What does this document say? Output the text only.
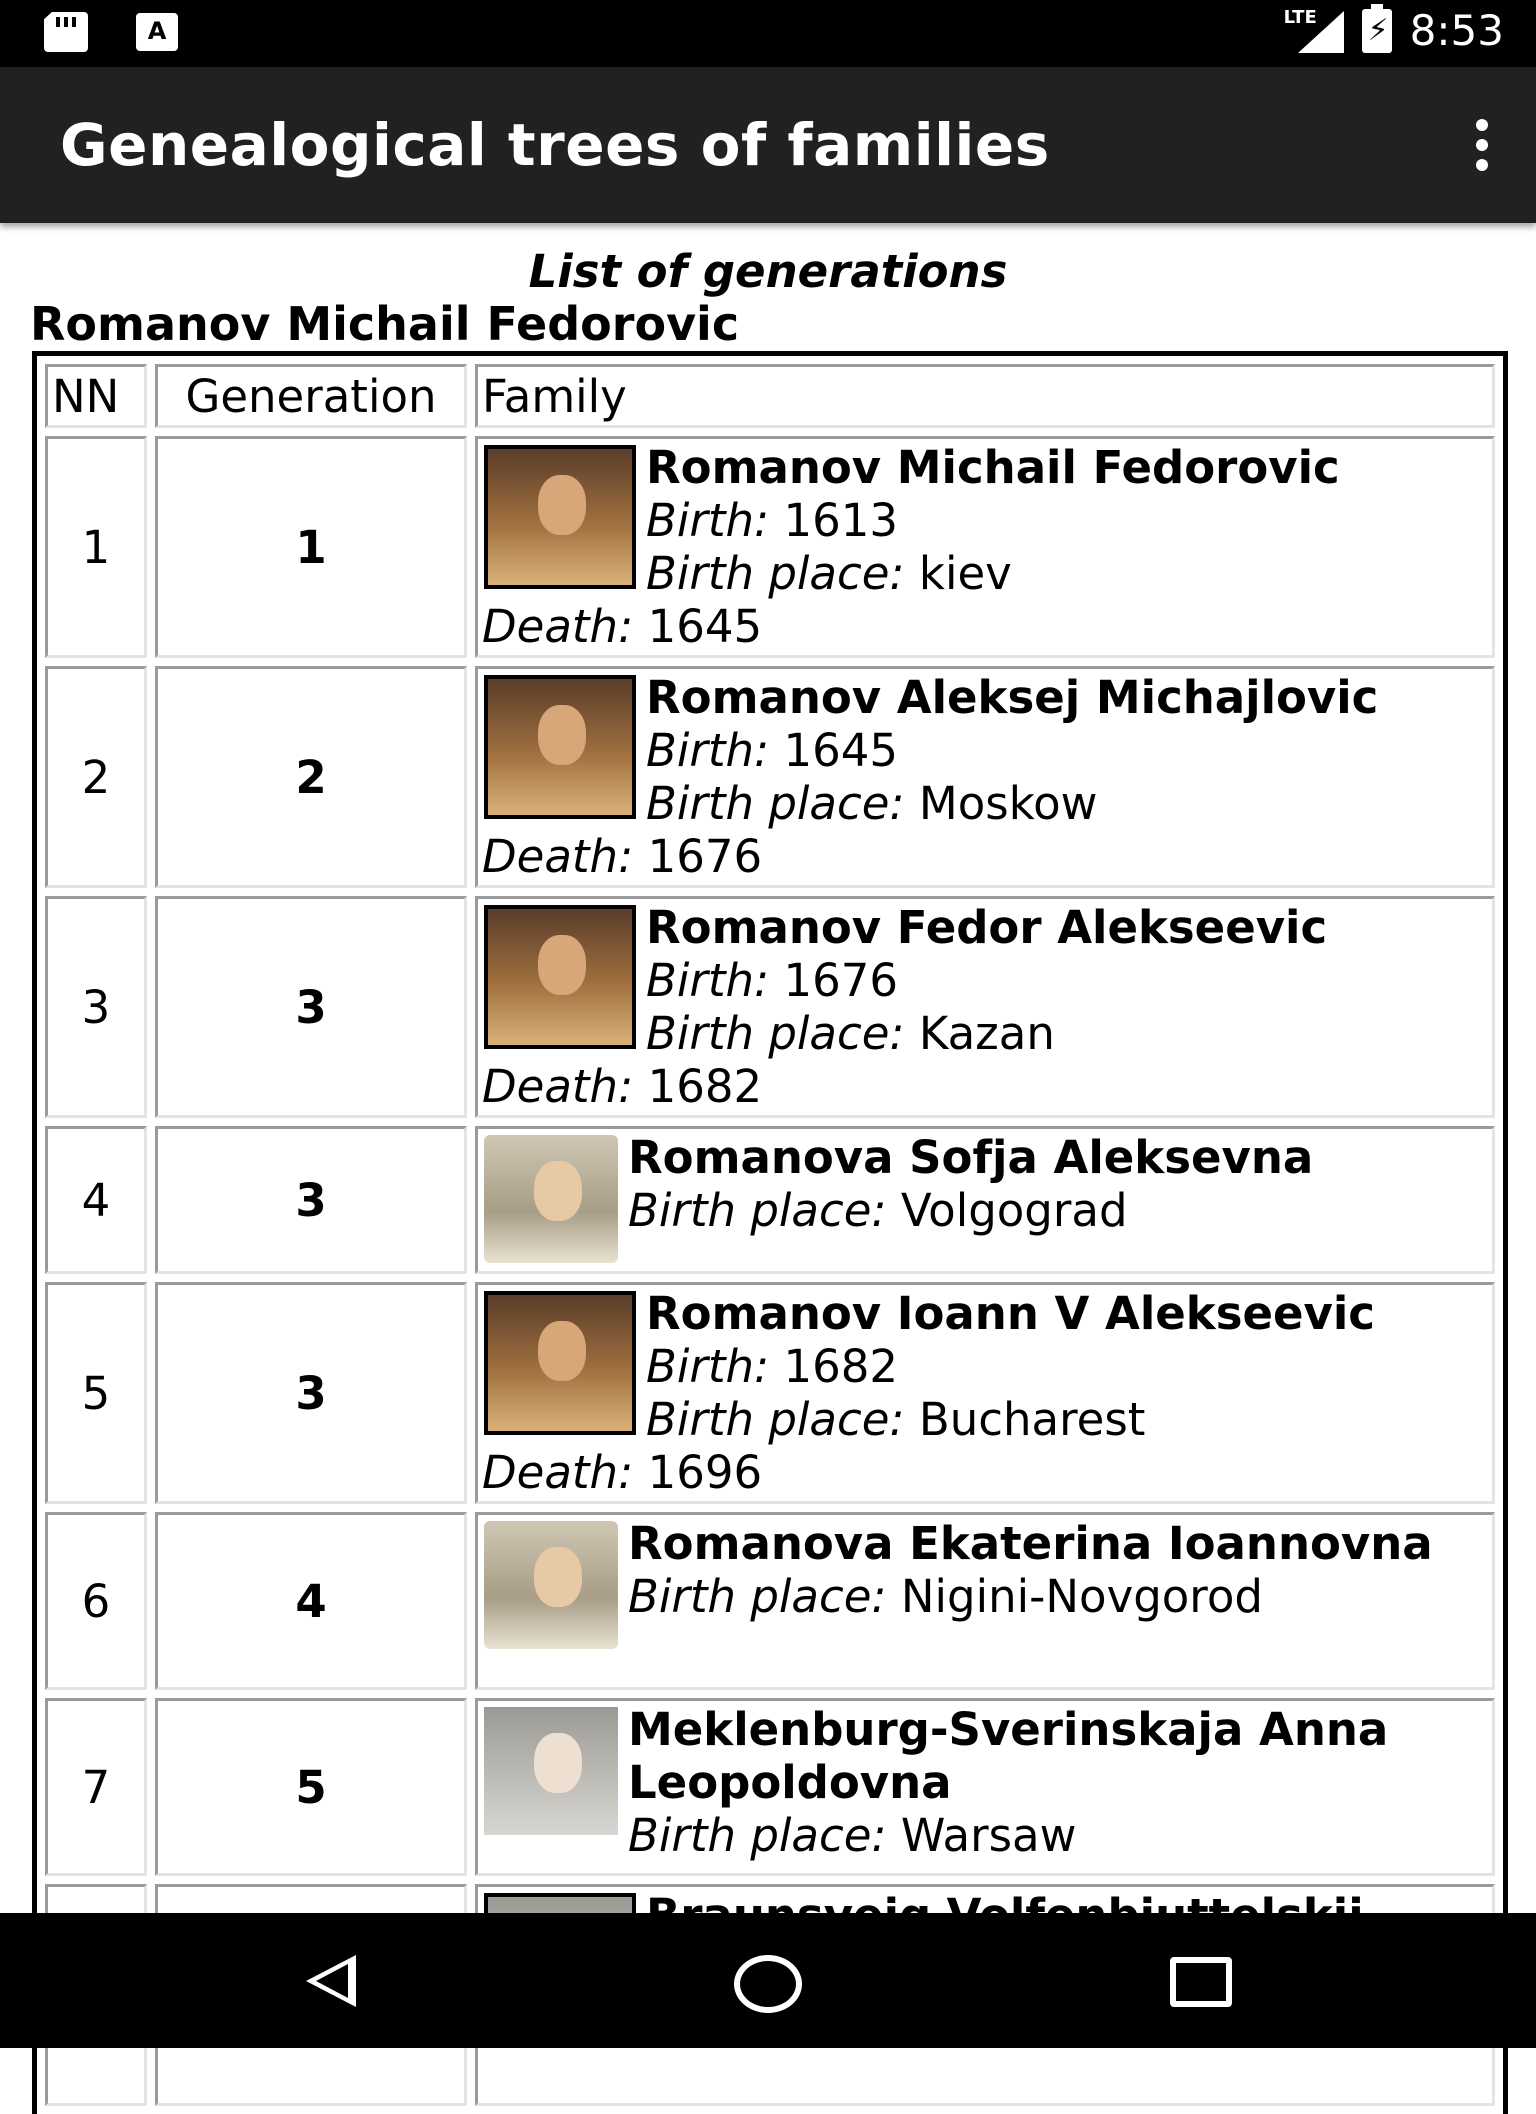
A	LTE ⚡ 8:53
Genealogical trees of families
List of generations
Romanov Michail Fedorovic
NN	Generation	Family
1	1	Romanov Michail Fedorovic
Birth: 1613
Birth place: kiev
Death: 1645

2	2	Romanov Aleksej Michajlovic
Birth: 1645
Birth place: Moskow
Death: 1676

3	3	Romanov Fedor Alekseevic
Birth: 1676
Birth place: Kazan
Death: 1682

4	3	Romanova Sofja Aleksevna
Birth place: Volgograd
5	3	Romanov Ioann V Alekseevic
Birth: 1682
Birth place: Bucharest
Death: 1696

6	4	Romanova Ekaterina Ioannovna
Birth place: Nigini-Novgorod
7	5	Meklenburg-Sverinskaja Anna Leopoldovna
Birth place: Warsaw
